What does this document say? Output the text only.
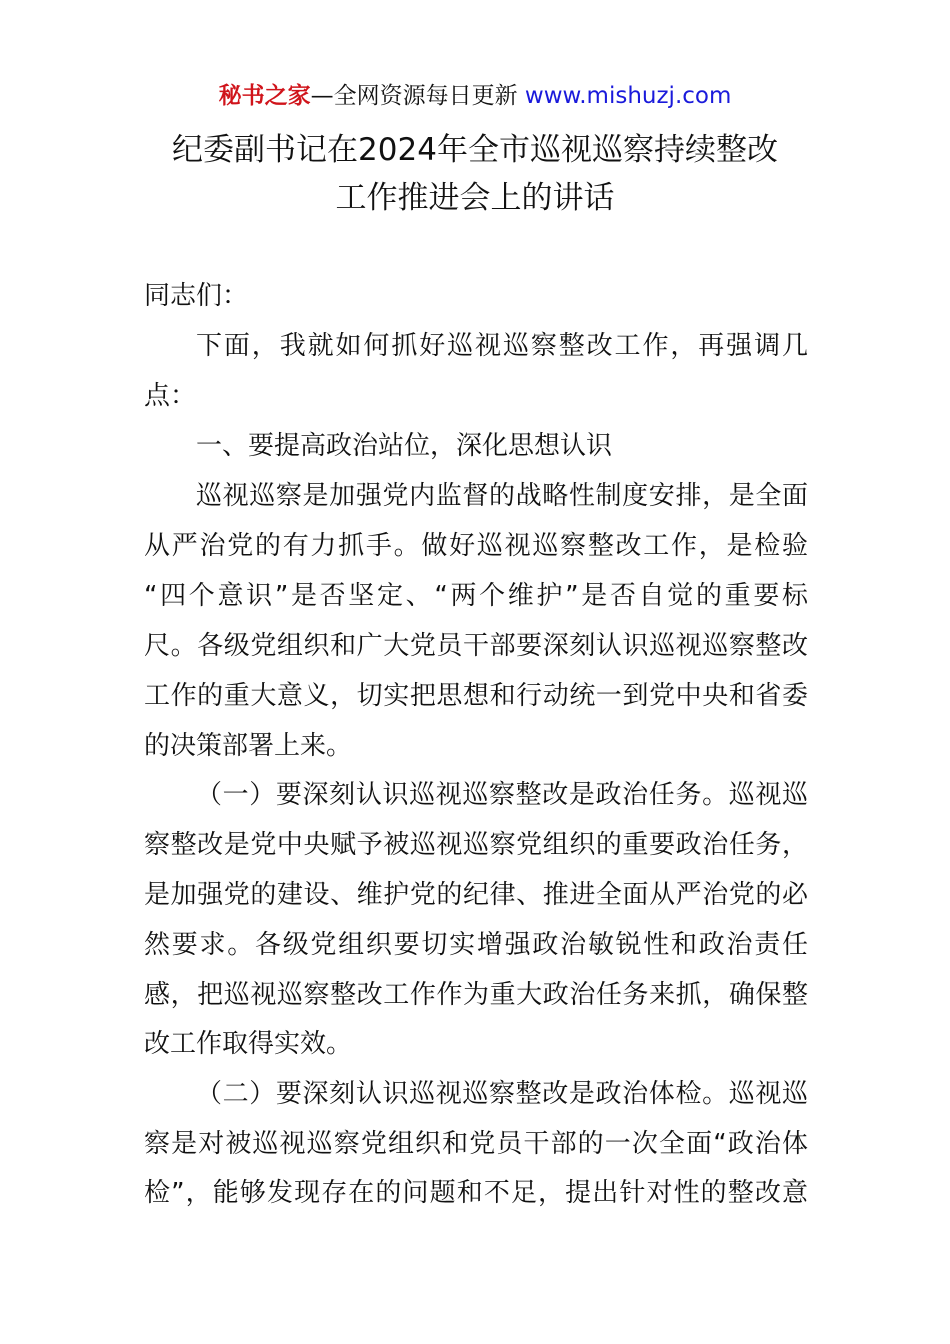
秘书之家—全网资源每日更新 www.mishuzj.com
纪委副书记在2024年全市巡视巡察持续整改
工作推进会上的讲话
同志们：
下面，我就如何抓好巡视巡察整改工作，再强调几
点：
一、要提高政治站位，深化思想认识
巡视巡察是加强党内监督的战略性制度安排，是全面
从严治党的有力抓手。做好巡视巡察整改工作，是检验
“四个意识”是否坚定、“两个维护”是否自觉的重要标
尺。各级党组织和广大党员干部要深刻认识巡视巡察整改
工作的重大意义，切实把思想和行动统一到党中央和省委
的决策部署上来。
（一）要深刻认识巡视巡察整改是政治任务。巡视巡
察整改是党中央赋予被巡视巡察党组织的重要政治任务，
是加强党的建设、维护党的纪律、推进全面从严治党的必
然要求。各级党组织要切实增强政治敏锐性和政治责任
感，把巡视巡察整改工作作为重大政治任务来抓，确保整
改工作取得实效。
（二）要深刻认识巡视巡察整改是政治体检。巡视巡
察是对被巡视巡察党组织和党员干部的一次全面“政治体
检”，能够发现存在的问题和不足，提出针对性的整改意
